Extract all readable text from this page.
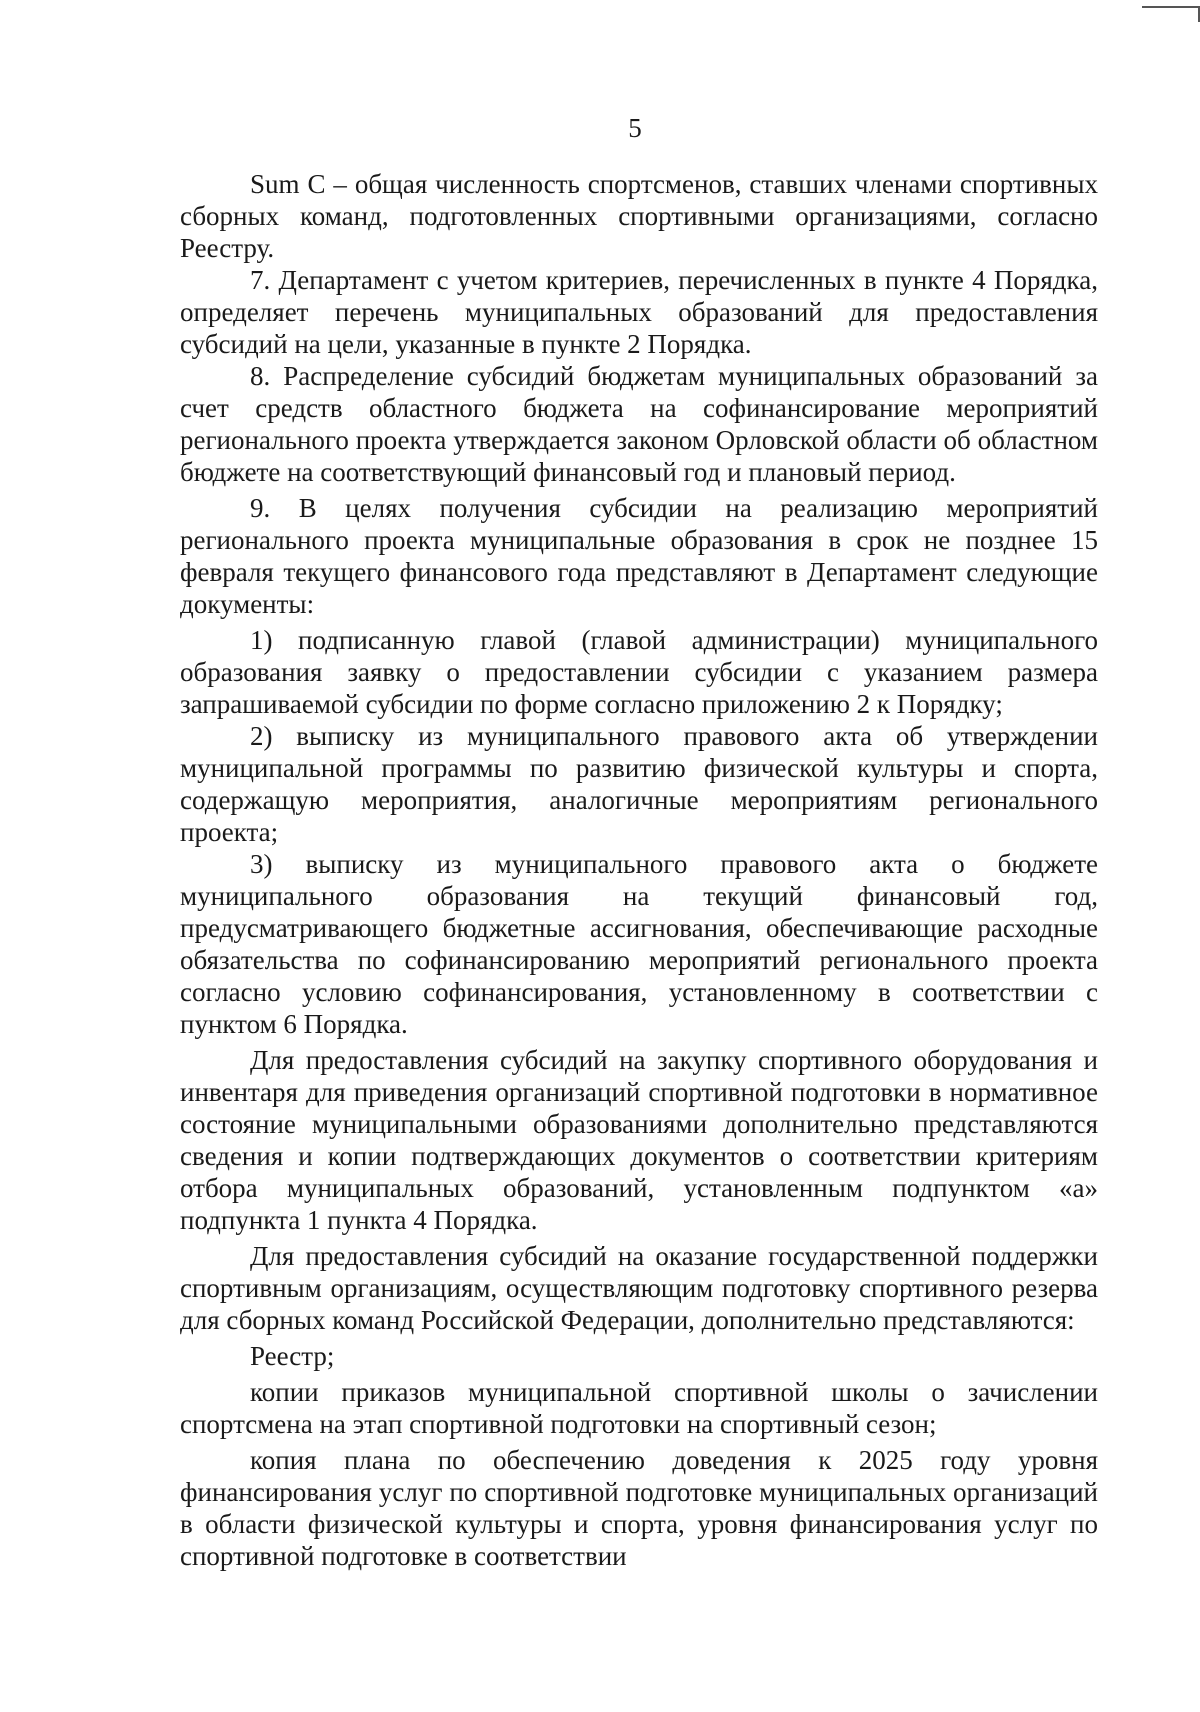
5

Sum C – общая численность спортсменов, ставших членами спортивных сборных команд, подготовленных спортивными организациями, согласно Реестру.

7. Департамент с учетом критериев, перечисленных в пункте 4 Порядка, определяет перечень муниципальных образований для предоставления субсидий на цели, указанные в пункте 2 Порядка.

8. Распределение субсидий бюджетам муниципальных образований за счет средств областного бюджета на софинансирование мероприятий регионального проекта утверждается законом Орловской области об областном бюджете на соответствующий финансовый год и плановый период.

9. В целях получения субсидии на реализацию мероприятий регионального проекта муниципальные образования в срок не позднее 15 февраля текущего финансового года представляют в Департамент следующие документы:

1) подписанную главой (главой администрации) муниципального образования заявку о предоставлении субсидии с указанием размера запрашиваемой субсидии по форме согласно приложению 2 к Порядку;

2) выписку из муниципального правового акта об утверждении муниципальной программы по развитию физической культуры и спорта, содержащую мероприятия, аналогичные мероприятиям регионального проекта;

3) выписку из муниципального правового акта о бюджете муниципального образования на текущий финансовый год, предусматривающего бюджетные ассигнования, обеспечивающие расходные обязательства по софинансированию мероприятий регионального проекта согласно условию софинансирования, установленному в соответствии с пунктом 6 Порядка.

Для предоставления субсидий на закупку спортивного оборудования и инвентаря для приведения организаций спортивной подготовки в нормативное состояние муниципальными образованиями дополнительно представляются сведения и копии подтверждающих документов о соответствии критериям отбора муниципальных образований, установленным подпунктом «а» подпункта 1 пункта 4 Порядка.

Для предоставления субсидий на оказание государственной поддержки спортивным организациям, осуществляющим подготовку спортивного резерва для сборных команд Российской Федерации, дополнительно представляются:

Реестр;

копии приказов муниципальной спортивной школы о зачислении спортсмена на этап спортивной подготовки на спортивный сезон;

копия плана по обеспечению доведения к 2025 году уровня финансирования услуг по спортивной подготовке муниципальных организаций в области физической культуры и спорта, уровня финансирования услуг по спортивной подготовке в соответствии
